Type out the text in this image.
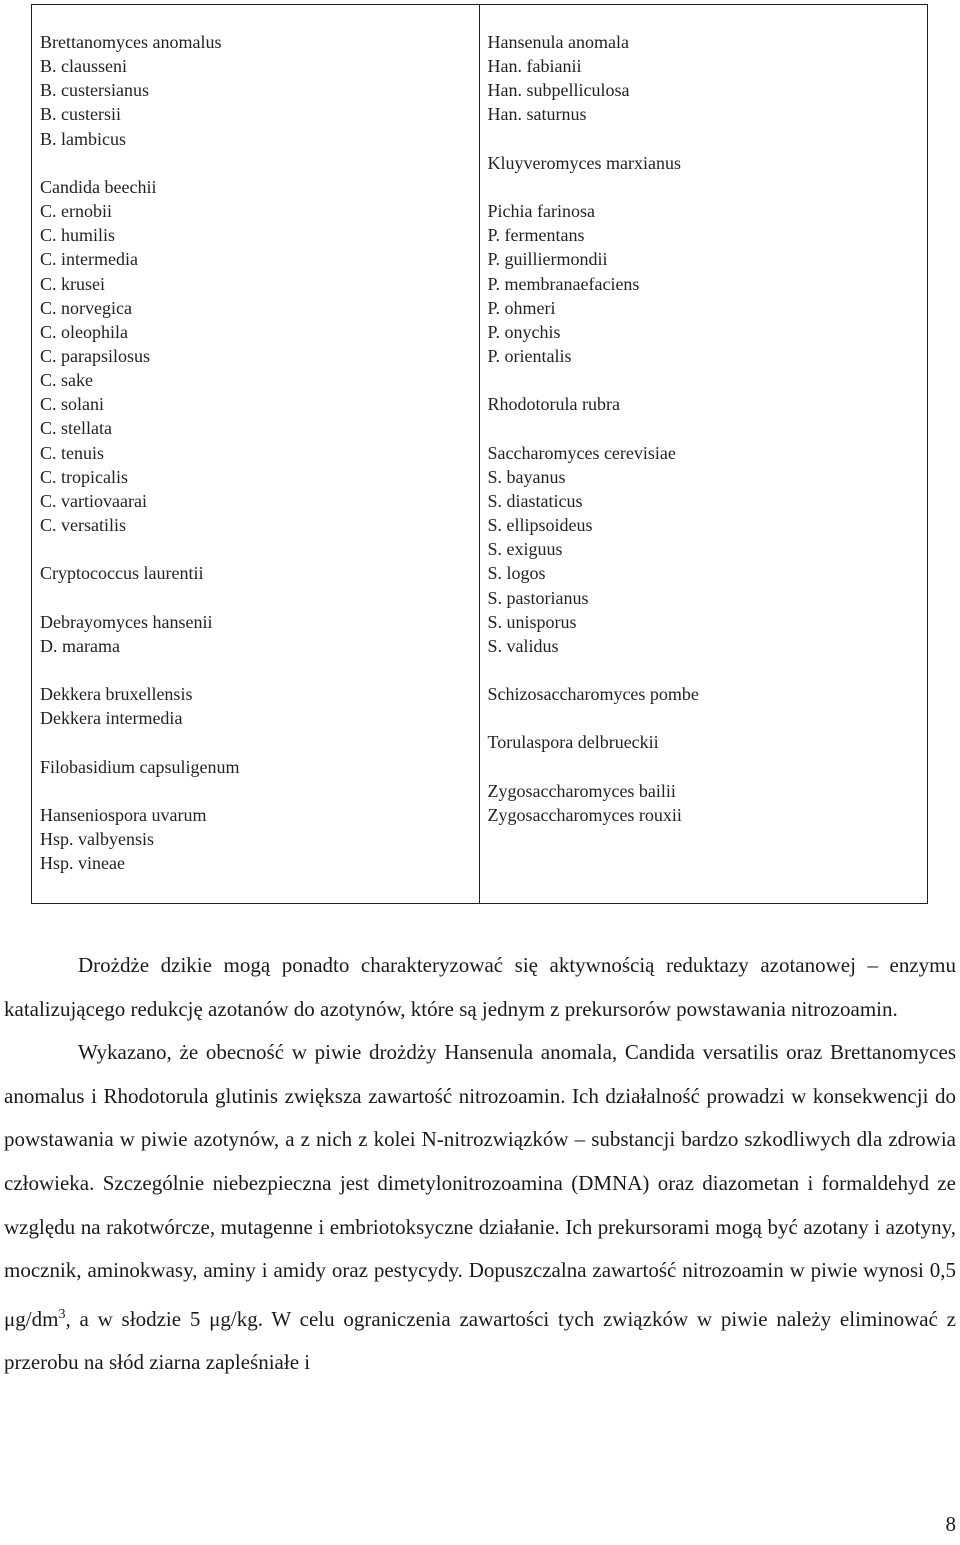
Brettanomyces anomalus
B. clausseni
B. custersianus
B. custersii
B. lambicus
Candida beechii
C. ernobii
C. humilis
C. intermedia
C. krusei
C. norvegica
C. oleophila
C. parapsilosus
C. sake
C. solani
C. stellata
C. tenuis
C. tropicalis
C. vartiovaarai
C. versatilis
Cryptococcus laurentii
Debrayomyces hansenii
D. marama
Dekkera bruxellensis
Dekkera intermedia
Filobasidium capsuligenum
Hanseniospora uvarum
Hsp. valbyensis
Hsp. vineae
Hansenula anomala
Han. fabianii
Han. subpelliculosa
Han. saturnus
Kluyveromyces marxianus
Pichia farinosa
P. fermentans
P. guilliermondii
P. membranaefaciens
P. ohmeri
P. onychis
P. orientalis
Rhodotorula rubra
Saccharomyces cerevisiae
S. bayanus
S. diastaticus
S. ellipsoideus
S. exiguus
S. logos
S. pastorianus
S. unisporus
S. validus
Schizosaccharomyces pombe
Torulaspora delbrueckii
Zygosaccharomyces bailii
Zygosaccharomyces rouxii

Drożdże dzikie mogą ponadto charakteryzować się aktywnością reduktazy azotanowej – enzymu katalizującego redukcję azotanów do azotynów, które są jednym z prekursorów powstawania nitrozoamin.

Wykazano, że obecność w piwie drożdży Hansenula anomala, Candida versatilis oraz Brettanomyces anomalus i Rhodotorula glutinis zwiększa zawartość nitrozoamin. Ich działalność prowadzi w konsekwencji do powstawania w piwie azotynów, a z nich z kolei N-nitrozwiązków – substancji bardzo szkodliwych dla zdrowia człowieka. Szczególnie niebezpieczna jest dimetylonitrozoamina (DMNA) oraz diazometan i formaldehyd ze względu na rakotwórcze, mutagenne i embriotoksyczne działanie. Ich prekursorami mogą być azotany i azotyny, mocznik, aminokwasy, aminy i amidy oraz pestycydy. Dopuszczalna zawartość nitrozoamin w piwie wynosi 0,5 $\mu g/dm^3$, a w słodzie 5 μg/kg. W celu ograniczenia zawartości tych związków w piwie należy eliminować z przerobu na słód ziarna zapleśniałe i

8
